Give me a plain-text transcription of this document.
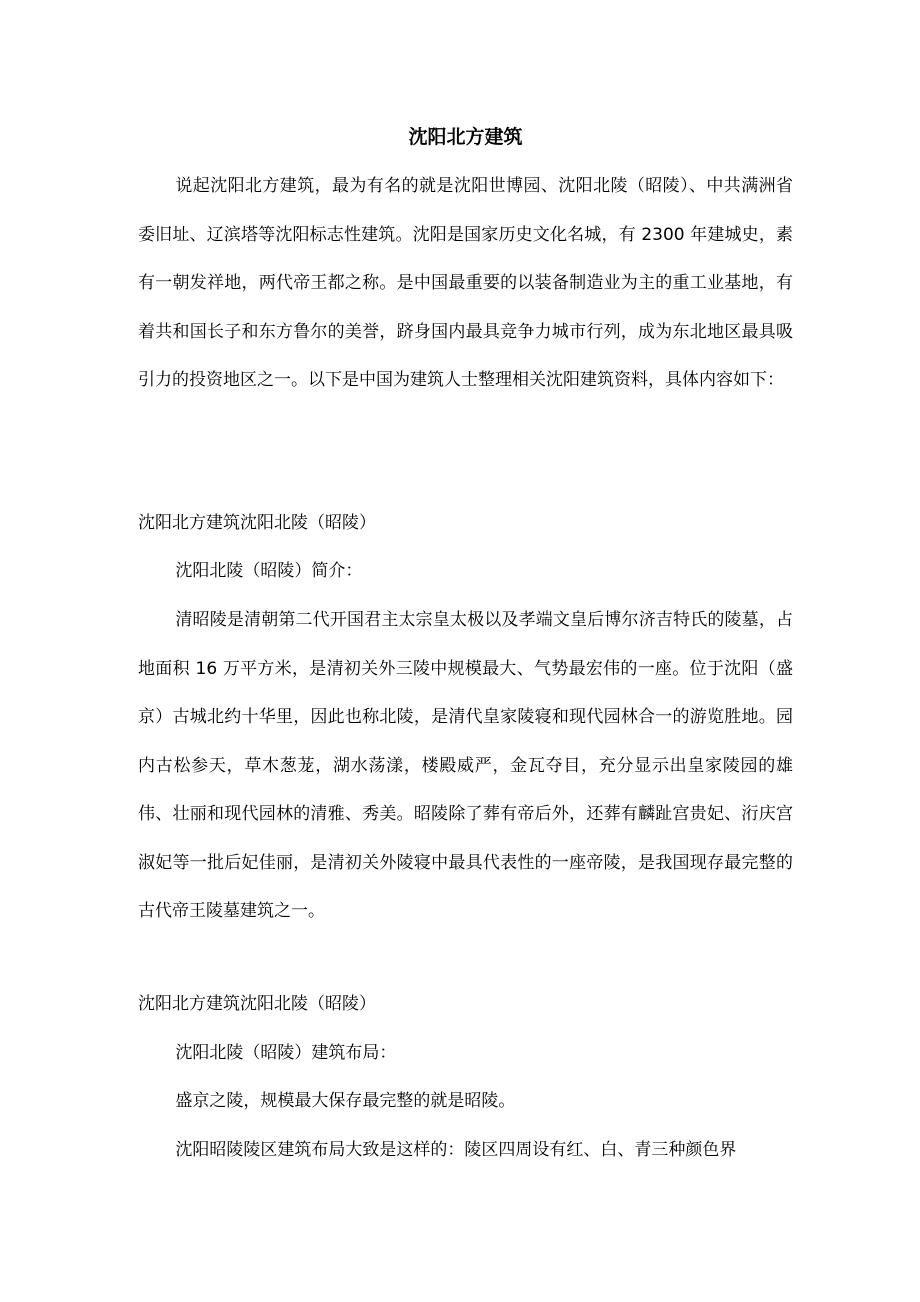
沈阳北方建筑
说起沈阳北方建筑，最为有名的就是沈阳世博园、沈阳北陵（昭陵）、中共满洲省委旧址、辽滨塔等沈阳标志性建筑。沈阳是国家历史文化名城，有 2300 年建城史，素有一朝发祥地，两代帝王都之称。是中国最重要的以装备制造业为主的重工业基地，有着共和国长子和东方鲁尔的美誉，跻身国内最具竞争力城市行列，成为东北地区最具吸引力的投资地区之一。以下是中国为建筑人士整理相关沈阳建筑资料，具体内容如下：
沈阳北方建筑沈阳北陵（昭陵）
沈阳北陵（昭陵）简介：
清昭陵是清朝第二代开国君主太宗皇太极以及孝端文皇后博尔济吉特氏的陵墓，占地面积 16 万平方米，是清初关外三陵中规模最大、气势最宏伟的一座。位于沈阳（盛京）古城北约十华里，因此也称北陵，是清代皇家陵寝和现代园林合一的游览胜地。园内古松参天，草木葱茏，湖水荡漾，楼殿威严，金瓦夺目，充分显示出皇家陵园的雄伟、壮丽和现代园林的清雅、秀美。昭陵除了葬有帝后外，还葬有麟趾宫贵妃、洐庆宫淑妃等一批后妃佳丽，是清初关外陵寝中最具代表性的一座帝陵，是我国现存最完整的古代帝王陵墓建筑之一。
沈阳北方建筑沈阳北陵（昭陵）
沈阳北陵（昭陵）建筑布局：
盛京之陵，规模最大保存最完整的就是昭陵。
沈阳昭陵陵区建筑布局大致是这样的：陵区四周设有红、白、青三种颜色界
